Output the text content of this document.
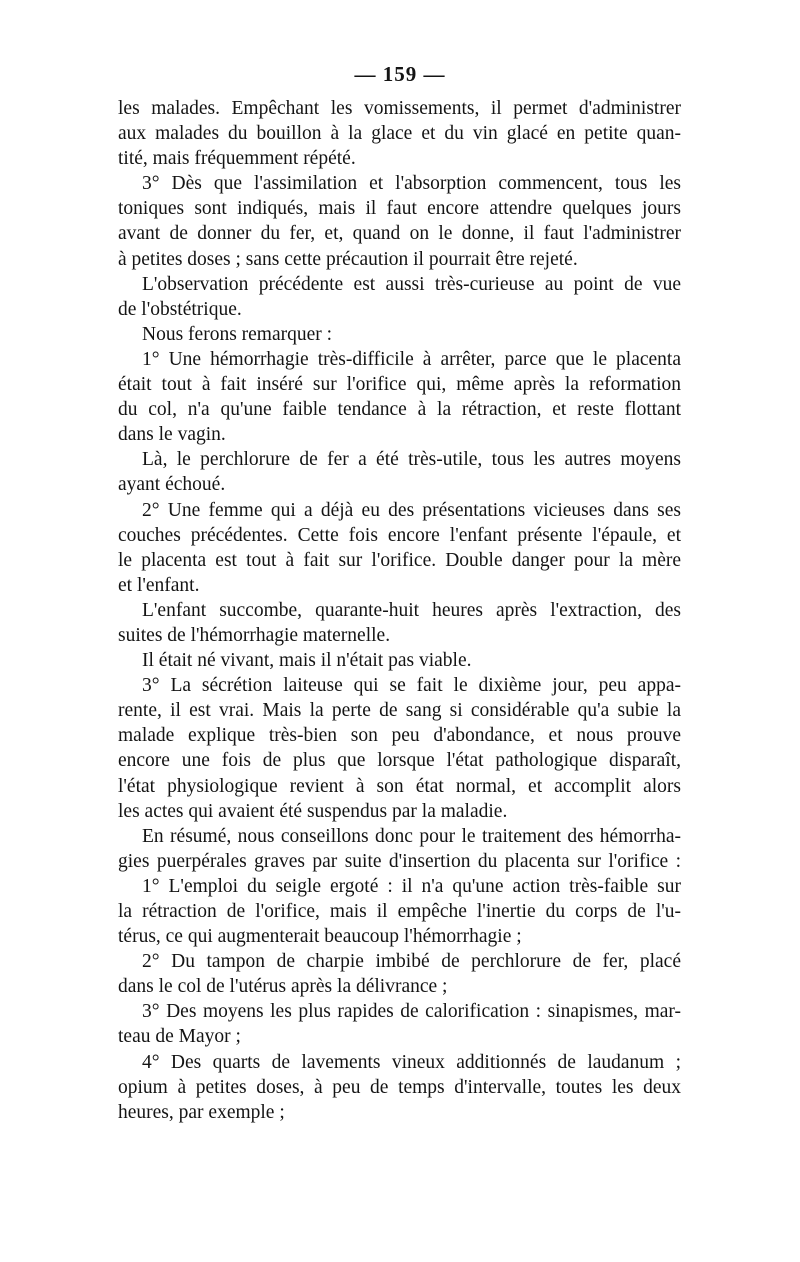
— 159 —
les malades. Empêchant les vomissements, il permet d'administrer
aux malades du bouillon à la glace et du vin glacé en petite quan-
tité, mais fréquemment répété.
3° Dès que l'assimilation et l'absorption commencent, tous les
toniques sont indiqués, mais il faut encore attendre quelques jours
avant de donner du fer, et, quand on le donne, il faut l'administrer
à petites doses ; sans cette précaution il pourrait être rejeté.
L'observation précédente est aussi très-curieuse au point de vue
de l'obstétrique.
Nous ferons remarquer :
1° Une hémorrhagie très-difficile à arrêter, parce que le placenta
était tout à fait inséré sur l'orifice qui, même après la reformation
du col, n'a qu'une faible tendance à la rétraction, et reste flottant
dans le vagin.
Là, le perchlorure de fer a été très-utile, tous les autres moyens
ayant échoué.
2° Une femme qui a déjà eu des présentations vicieuses dans ses
couches précédentes. Cette fois encore l'enfant présente l'épaule, et
le placenta est tout à fait sur l'orifice. Double danger pour la mère
et l'enfant.
L'enfant succombe, quarante-huit heures après l'extraction, des
suites de l'hémorrhagie maternelle.
Il était né vivant, mais il n'était pas viable.
3° La sécrétion laiteuse qui se fait le dixième jour, peu appa-
rente, il est vrai. Mais la perte de sang si considérable qu'a subie la
malade explique très-bien son peu d'abondance, et nous prouve
encore une fois de plus que lorsque l'état pathologique disparaît,
l'état physiologique revient à son état normal, et accomplit alors
les actes qui avaient été suspendus par la maladie.
En résumé, nous conseillons donc pour le traitement des hémorrha-
gies puerpérales graves par suite d'insertion du placenta sur l'orifice :
1° L'emploi du seigle ergoté : il n'a qu'une action très-faible sur
la rétraction de l'orifice, mais il empêche l'inertie du corps de l'u-
térus, ce qui augmenterait beaucoup l'hémorrhagie ;
2° Du tampon de charpie imbibé de perchlorure de fer, placé
dans le col de l'utérus après la délivrance ;
3° Des moyens les plus rapides de calorification : sinapismes, mar-
teau de Mayor ;
4° Des quarts de lavements vineux additionnés de laudanum ;
opium à petites doses, à peu de temps d'intervalle, toutes les deux
heures, par exemple ;
